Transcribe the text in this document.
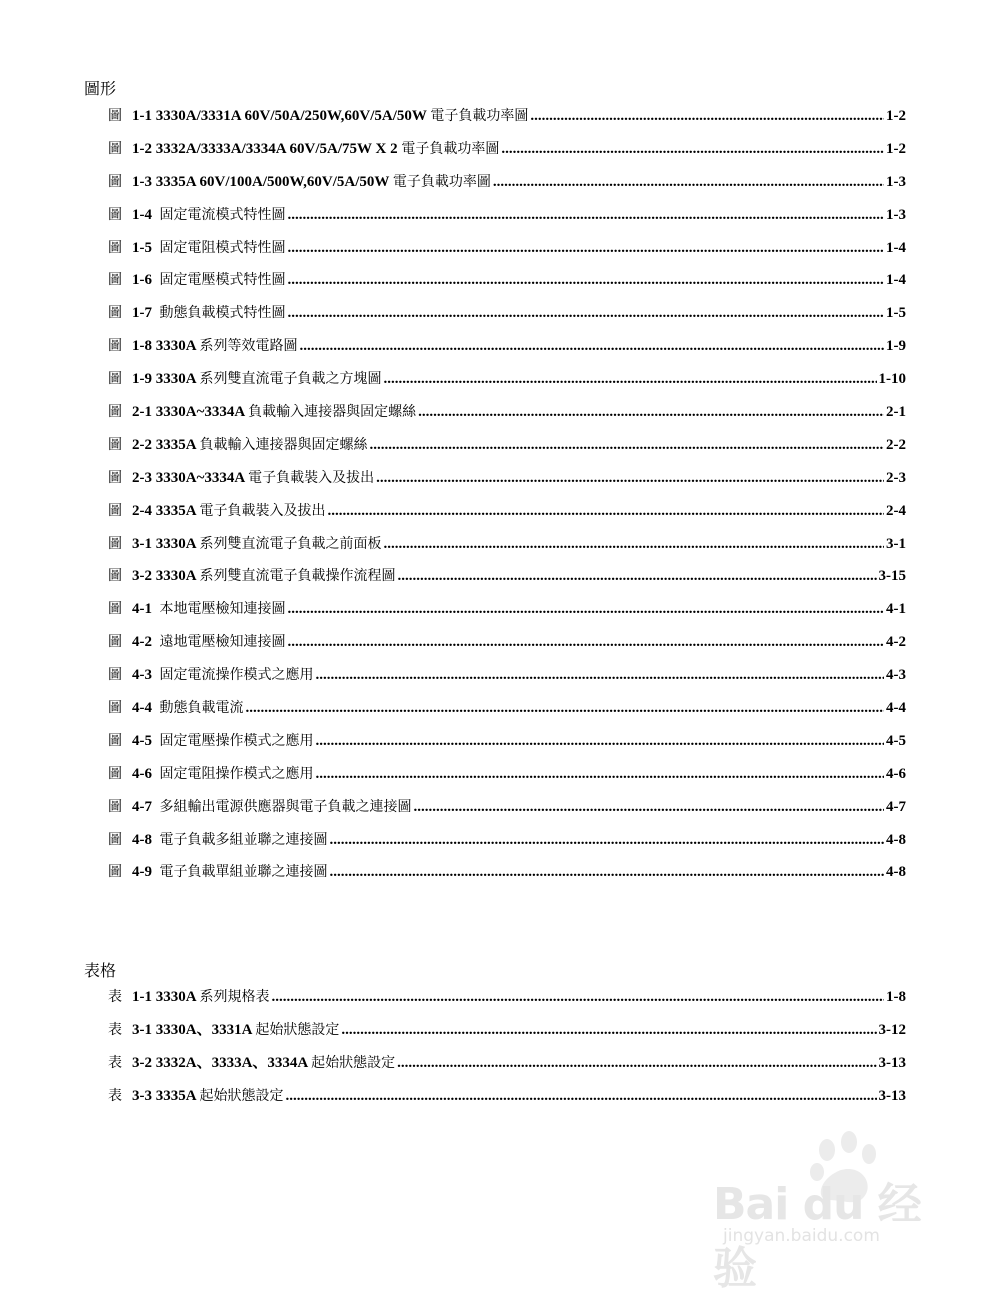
圖形
圖 1-1 3330A/3331A 60V/50A/250W,60V/5A/50W 電子負載功率圖 .....	1-2
圖 1-2 3332A/3333A/3334A 60V/5A/75W X 2 電子負載功率圖 .....	1-2
圖 1-3 3335A 60V/100A/500W,60V/5A/50W 電子負載功率圖 .....	1-3
圖 1-4 固定電流模式特性圖 .....	1-3
圖 1-5 固定電阻模式特性圖 .....	1-4
圖 1-6 固定電壓模式特性圖 .....	1-4
圖 1-7 動態負載模式特性圖 .....	1-5
圖 1-8 3330A 系列等效電路圖 .....	1-9
圖 1-9 3330A 系列雙直流電子負載之方塊圖 .....	1-10
圖 2-1 3330A~3334A 負載輸入連接器與固定螺絲 .....	2-1
圖 2-2 3335A 負載輸入連接器與固定螺絲 .....	2-2
圖 2-3 3330A~3334A 電子負載裝入及拔出 .....	2-3
圖 2-4 3335A 電子負載裝入及拔出 .....	2-4
圖 3-1 3330A 系列雙直流電子負載之前面板 .....	3-1
圖 3-2 3330A 系列雙直流電子負載操作流程圖 .....	3-15
圖 4-1 本地電壓檢知連接圖 .....	4-1
圖 4-2 遠地電壓檢知連接圖 .....	4-2
圖 4-3 固定電流操作模式之應用 .....	4-3
圖 4-4 動態負載電流 .....	4-4
圖 4-5 固定電壓操作模式之應用 .....	4-5
圖 4-6 固定電阻操作模式之應用 .....	4-6
圖 4-7 多組輸出電源供應器與電子負載之連接圖 .....	4-7
圖 4-8 電子負載多組並聯之連接圖 .....	4-8
圖 4-9 電子負載單組並聯之連接圖 .....	4-8
表格
表 1-1 3330A 系列規格表 .....	1-8
表 3-1 3330A、3331A 起始狀態設定 .....	3-12
表 3-2 3332A、3333A、3334A 起始狀態設定 .....	3-13
表 3-3 3335A 起始狀態設定 .....	3-13
Bai du 经验
jingyan.baidu.com
